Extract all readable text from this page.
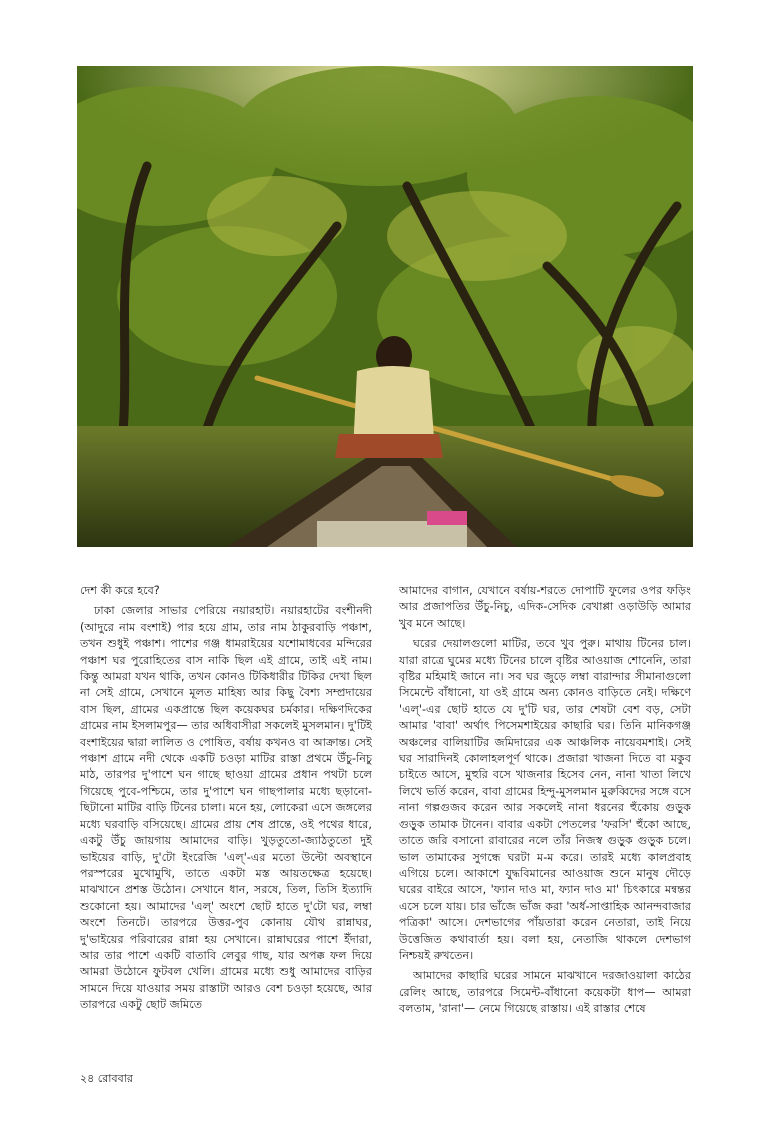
দেশ কী করে হবে?

ঢাকা জেলার সাভার পেরিয়ে নয়ারহাট। নয়ারহাটের বংশীনদী (আদুরে নাম বংশাই) পার হয়ে গ্রাম, তার নাম ঠাকুরবাড়ি পঞ্চাশ, তখন শুধুই পঞ্চাশ। পাশের গঞ্জ ধামরাইয়ের যশোমাধবের মন্দিরের পঞ্চাশ ঘর পুরোহিতের বাস নাকি ছিল এই গ্রামে, তাই এই নাম। কিন্তু আমরা যখন থাকি, তখন কোনও টিকিধারীর টিকির দেখা ছিল না সেই গ্রামে, সেখানে মূলত মাহিষ্য আর কিছু বৈশ্য সম্প্রদায়ের বাস ছিল, গ্রামের একপ্রান্তে ছিল কয়েকঘর চর্মকার। দক্ষিণদিকের গ্রামের নাম ইসলামপুর— তার অধিবাসীরা সকলেই মুসলমান। দু'টিই বংশাইয়ের দ্বারা লালিত ও পোষিত, বর্ষায় কখনও বা আক্রান্ত। সেই পঞ্চাশ গ্রামে নদী থেকে একটি চওড়া মাটির রাস্তা প্রথমে উঁচু-নিচু মাঠ, তারপর দু'পাশে ঘন গাছে ছাওয়া গ্রামের প্রধান পথটা চলে গিয়েছে পুবে-পশ্চিমে, তার দু'পাশে ঘন গাছপালার মধ্যে ছড়ানো-ছিটানো মাটির বাড়ি টিনের চালা। মনে হয়, লোকেরা এসে জঙ্গলের মধ্যে ঘরবাড়ি বসিয়েছে। গ্রামের প্রায় শেষ প্রান্তে, ওই পথের ধারে, একটু উঁচু জায়গায় আমাদের বাড়ি। খুড়তুতো-জ্যাঠতুতো দুই ভাইয়ের বাড়ি, দু'টো ইংরেজি 'এল্'-এর মতো উল্টো অবস্থানে পরস্পরের মুখোমুখি, তাতে একটা মস্ত আয়তক্ষেত্র হয়েছে। মাঝখানে প্রশস্ত উঠোন। সেখানে ধান, সরষে, তিল, তিসি ইত্যাদি শুকোনো হয়। আমাদের 'এল্' অংশে ছোট হাতে দু'টো ঘর, লম্বা অংশে তিনটে। তারপরে উত্তর-পুব কোনায় যৌথ রান্নাঘর, দু'ভাইয়ের পরিবারের রান্না হয় সেখানে। রান্নাঘরের পাশে ইঁদারা, আর তার পাশে একটি বাতাবি লেবুর গাছ, যার অপক্ক ফল দিয়ে আমরা উঠোনে ফুটবল খেলি। গ্রামের মধ্যে শুধু আমাদের বাড়ির সামনে দিয়ে যাওয়ার সময় রাস্তাটা আরও বেশ চওড়া হয়েছে, আর তারপরে একটু ছোট জমিতে

আমাদের বাগান, যেখানে বর্ষায়-শরতে দোপাটি ফুলের ওপর ফড়িং আর প্রজাপতির উঁচু-নিচু, এদিক-সেদিক বেখাপ্পা ওড়াউড়ি আমার খুব মনে আছে।

ঘরের দেয়ালগুলো মাটির, তবে খুব পুরু। মাথায় টিনের চাল। যারা রাত্রে ঘুমের মধ্যে টিনের চালে বৃষ্টির আওয়াজ শোনেনি, তারা বৃষ্টির মহিমাই জানে না। সব ঘর জুড়ে লম্বা বারান্দার সীমানাগুলো সিমেন্টে বাঁধানো, যা ওই গ্রামে অন্য কোনও বাড়িতে নেই। দক্ষিণে 'এল্'-এর ছোট হাতে যে দু'টি ঘর, তার শেষটা বেশ বড়, সেটা আমার 'বাবা' অর্থাৎ পিসেমশাইয়ের কাছারি ঘর। তিনি মানিকগঞ্জ অঞ্চলের বালিয়াটির জমিদারের এক আঞ্চলিক নায়েবমশাই। সেই ঘর সারাদিনই কোলাহলপূর্ণ থাকে। প্রজারা খাজনা দিতে বা মকুব চাইতে আসে, মুহুরি বসে খাজনার হিসেব নেন, নানা খাতা লিখে লিখে ভর্তি করেন, বাবা গ্রামের হিন্দু-মুসলমান মুরুব্বিদের সঙ্গে বসে নানা গল্পগুজব করেন আর সকলেই নানা ধরনের হুঁকোয় গুড়ুক গুড়ুক তামাক টানেন। বাবার একটা পেতলের 'ফরসি' হুঁকো আছে, তাতে জরি বসানো রাবারের নলে তাঁর নিজস্ব গুড়ুক গুড়ুক চলে। ভাল তামাকের সুগন্ধে ঘরটা ম-ম করে। তারই মধ্যে কালপ্রবাহ এগিয়ে চলে। আকাশে যুদ্ধবিমানের আওয়াজ শুনে মানুষ দৌড়ে ঘরের বাইরে আসে, 'ফ্যান দাও মা, ফ্যান দাও মা' চিৎকারে মন্বন্তর এসে চলে যায়। চার ভাঁজে ভাঁজ করা 'অর্ধ-সাপ্তাহিক আনন্দবাজার পত্রিকা' আসে। দেশভাগের পাঁয়তারা করেন নেতারা, তাই নিয়ে উত্তেজিত কথাবার্তা হয়। বলা হয়, নেতাজি থাকলে দেশভাগ নিশ্চয়ই রুখতেন।

আমাদের কাছারি ঘরের সামনে মাঝখানে দরজাওয়ালা কাঠের রেলিং আছে, তারপরে সিমেন্ট-বাঁধানো কয়েকটা ধাপ— আমরা বলতাম, 'রানা'— নেমে গিয়েছে রাস্তায়। এই রাস্তার শেষে

২৪ রোববার
